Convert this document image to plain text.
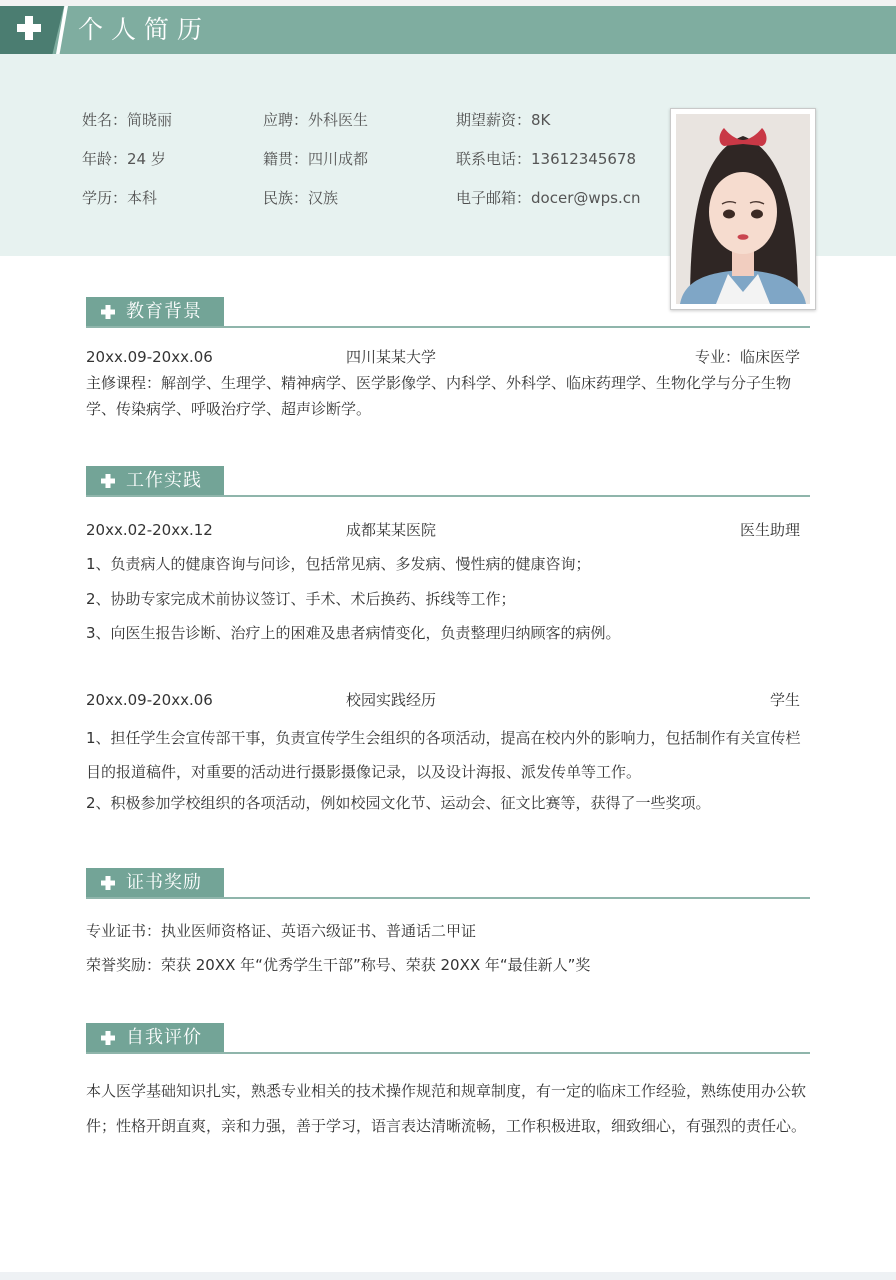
个人简历
姓名：简晓丽	应聘：外科医生	期望薪资：8K
年龄：24 岁	籍贯：四川成都	联系电话：13612345678
学历：本科	民族：汉族	电子邮箱：docer@wps.cn
教育背景
20xx.09-20xx.06	四川某某大学	专业：临床医学

主修课程：解剖学、生理学、精神病学、医学影像学、内科学、外科学、临床药理学、生物化学与分子生物学、传染病学、呼吸治疗学、超声诊断学。

工作实践
20xx.02-20xx.12	成都某某医院	医生助理

1、负责病人的健康咨询与问诊，包括常见病、多发病、慢性病的健康咨询；

2、协助专家完成术前协议签订、手术、术后换药、拆线等工作；

3、向医生报告诊断、治疗上的困难及患者病情变化，负责整理归纳顾客的病例。

20xx.09-20xx.06	校园实践经历	学生

1、担任学生会宣传部干事，负责宣传学生会组织的各项活动，提高在校内外的影响力，包括制作有关宣传栏目的报道稿件，对重要的活动进行摄影摄像记录，以及设计海报、派发传单等工作。

2、积极参加学校组织的各项活动，例如校园文化节、运动会、征文比赛等，获得了一些奖项。

证书奖励

专业证书：执业医师资格证、英语六级证书、普通话二甲证

荣誉奖励：荣获 20XX 年“优秀学生干部”称号、荣获 20XX 年“最佳新人”奖

自我评价

本人医学基础知识扎实，熟悉专业相关的技术操作规范和规章制度，有一定的临床工作经验，熟练使用办公软件；性格开朗直爽，亲和力强，善于学习，语言表达清晰流畅，工作积极进取，细致细心，有强烈的责任心。
